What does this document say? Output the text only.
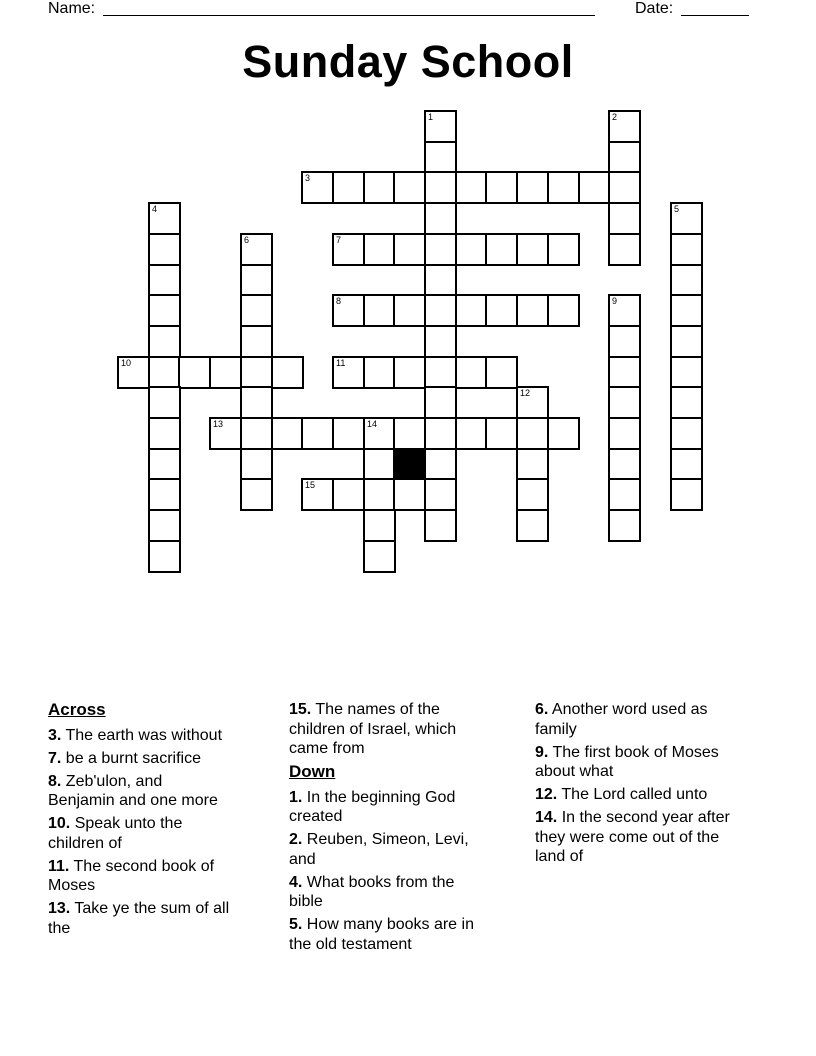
Name:	Date:
Sunday School
1	2
3
4	5
6	7
8	9
10	11
12
13	14
15
Across

3. The earth was without

7. be a burnt sacrifice

8. Zeb'ulon, and Benjamin and one more

10. Speak unto the children of

11. The second book of Moses

13. Take ye the sum of all the

15. The names of the children of Israel, which came from

Down

1. In the beginning God created

2. Reuben, Simeon, Levi, and

4. What books from the bible

5. How many books are in the old testament

6. Another word used as family

9. The first book of Moses about what

12. The Lord called unto

14. In the second year after they were come out of the land of
